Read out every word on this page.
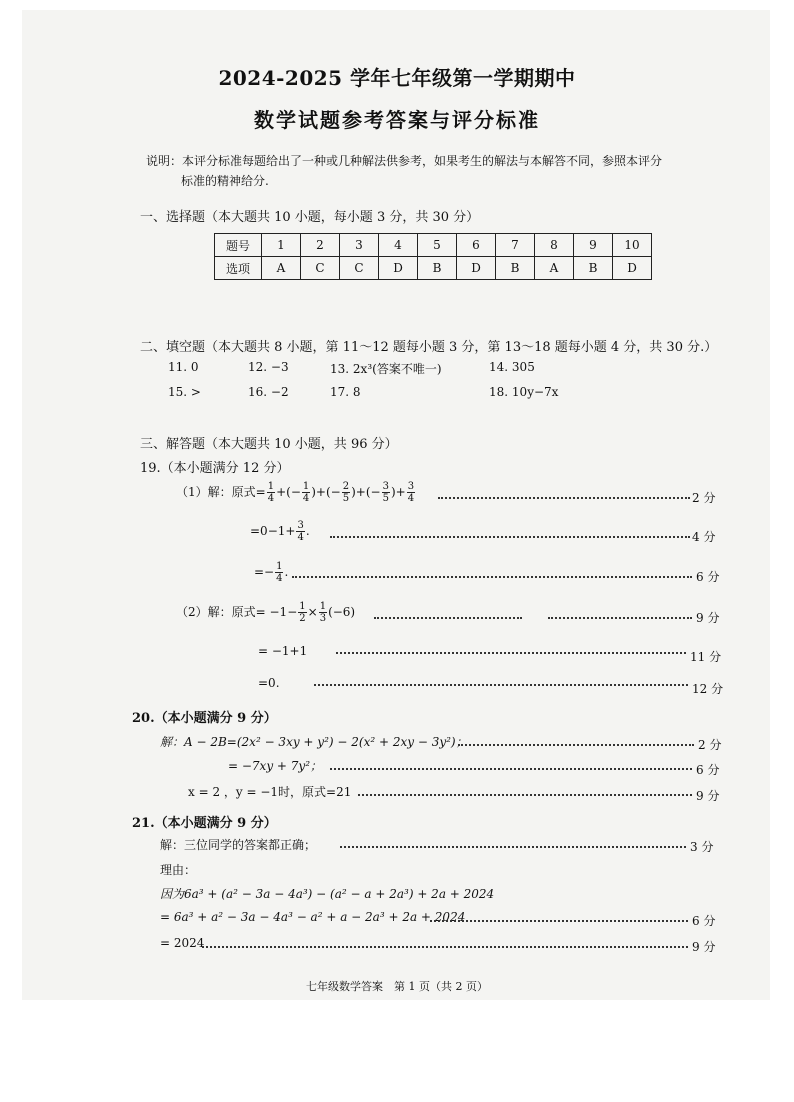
2024-2025 学年七年级第一学期期中
数学试题参考答案与评分标准
说明：本评分标准每题给出了一种或几种解法供参考，如果考生的解法与本解答不同，参照本评分
标准的精神给分.
一、选择题（本大题共 10 小题，每小题 3 分，共 30 分）
题号	1	2	3	4	5	6	7	8	9	10
选项	A	C	C	D	B	D	B	A	B	D
二、填空题（本大题共 8 小题，第 11～12 题每小题 3 分，第 13～18 题每小题 4 分，共 30 分.）
11. 0	12. −3	13. 2x³(答案不唯一)	14. 305
15. >	16. −2	17. 8	18. 10y−7x
三、解答题（本大题共 10 小题，共 96 分）
19.（本小题满分 12 分）
（1）解：原式= $\frac{1}{4}$ +(− $\frac{1}{4}$ )+(− $\frac{2}{5}$ )+(− $\frac{3}{5}$ )+ $\frac{3}{4}$	2 分
$=0-1+ \frac{3}{4}$ .	4 分
=− $\frac{1}{4}$ .	6 分
（2）解：原式= $-1- \frac{1}{2} \times \frac{1}{3} (-6)$	9 分
= −1+1	11 分
=0.	12 分
20.（本小题满分 9 分）
解：A − 2B=(2x² − 3xy + y²) − 2(x² + 2xy − 3y²)；	2 分
= −7xy + 7y²；	6 分
x = 2 ，y = −1时，原式=21	9 分
21.（本小题满分 9 分）
解：三位同学的答案都正确；	3 分
理由：
因为6a³ + (a² − 3a − 4a³) − (a² − a + 2a³) + 2a + 2024
= 6a³ + a² − 3a − 4a³ − a² + a − 2a³ + 2a + 2024	6 分
= 2024	9 分
七年级数学答案　第 1 页（共 2 页）
